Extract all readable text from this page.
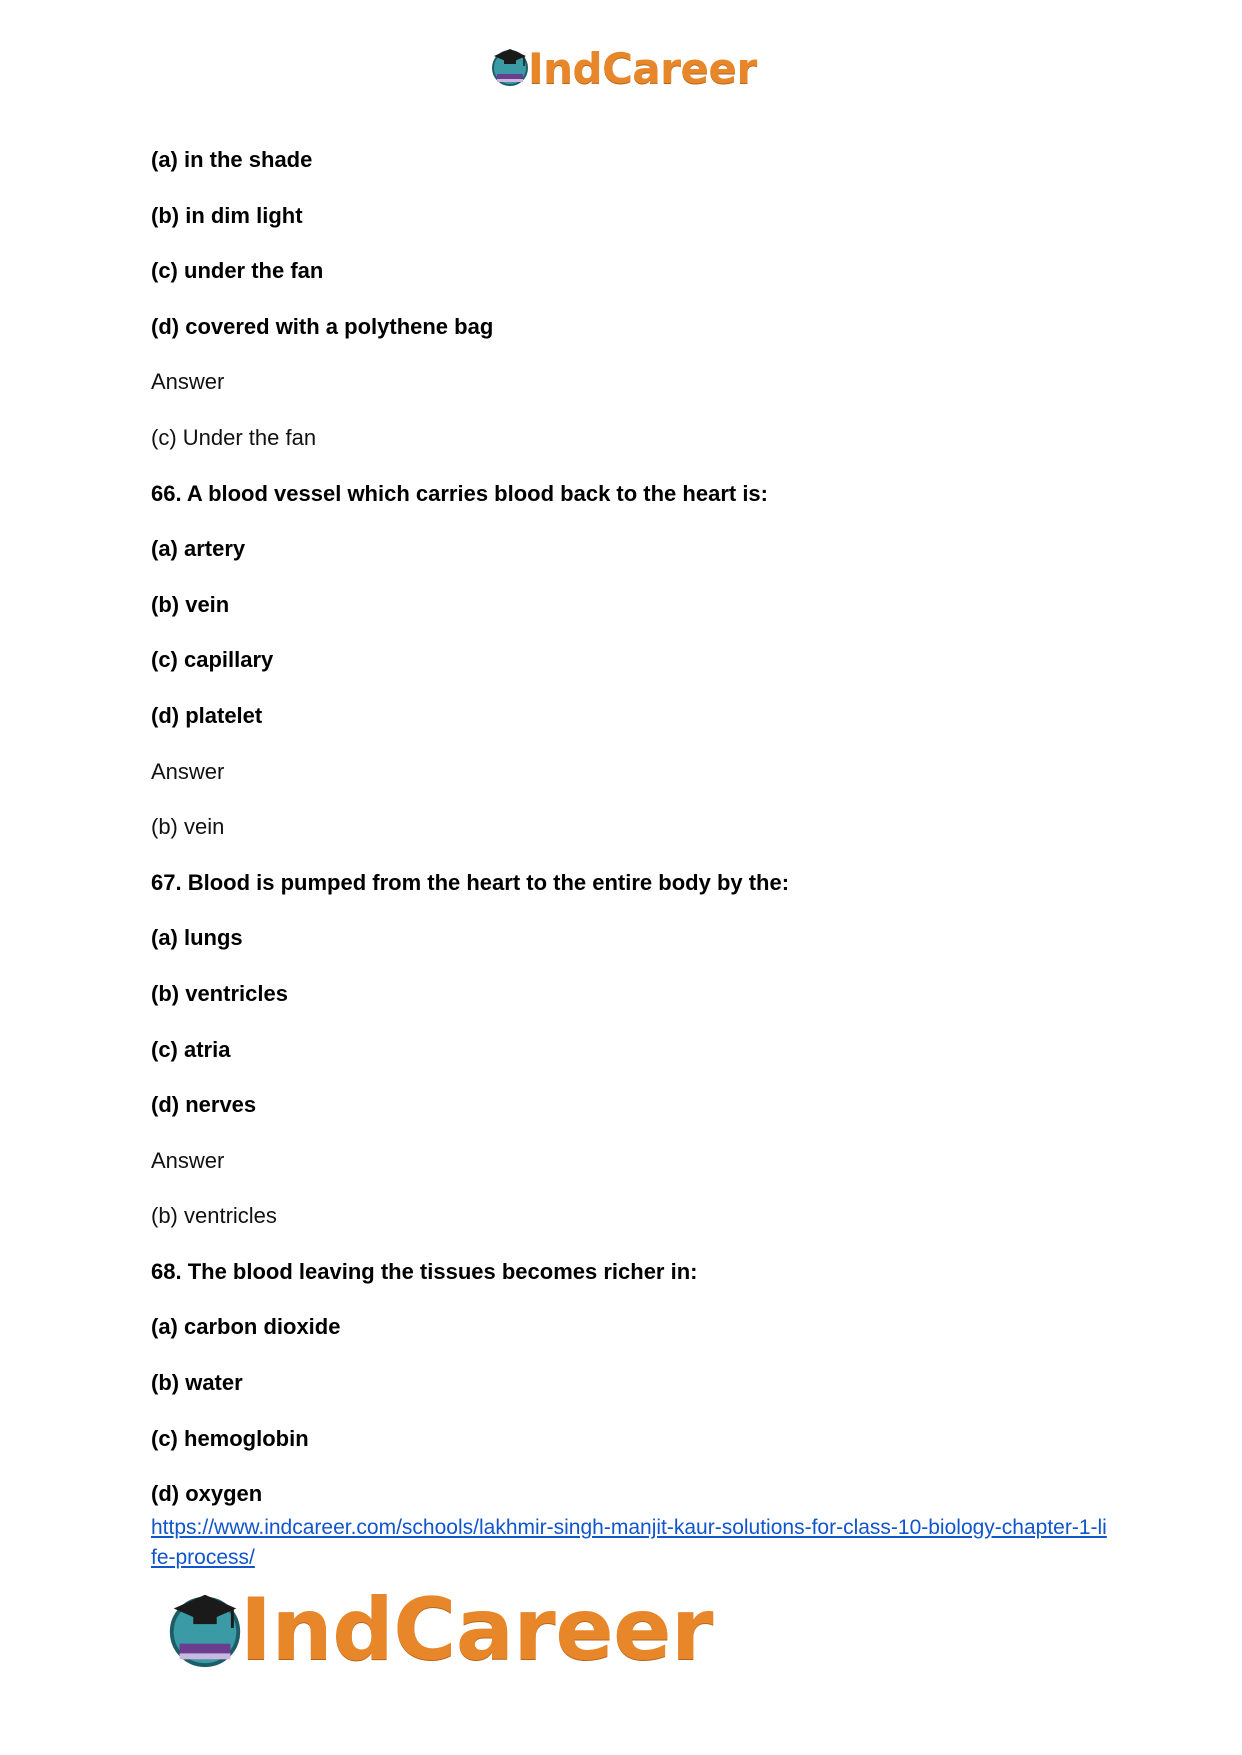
IndCareer
(a) in the shade
(b) in dim light
(c) under the fan
(d) covered with a polythene bag
Answer
(c) Under the fan
66. A blood vessel which carries blood back to the heart is:
(a) artery
(b) vein
(c) capillary
(d) platelet
Answer
(b) vein
67. Blood is pumped from the heart to the entire body by the:
(a) lungs
(b) ventricles
(c) atria
(d) nerves
Answer
(b) ventricles
68. The blood leaving the tissues becomes richer in:
(a) carbon dioxide
(b) water
(c) hemoglobin
(d) oxygen
https://www.indcareer.com/schools/lakhmir-singh-manjit-kaur-solutions-for-class-10-biology-chapter-1-life-process/
IndCareer
